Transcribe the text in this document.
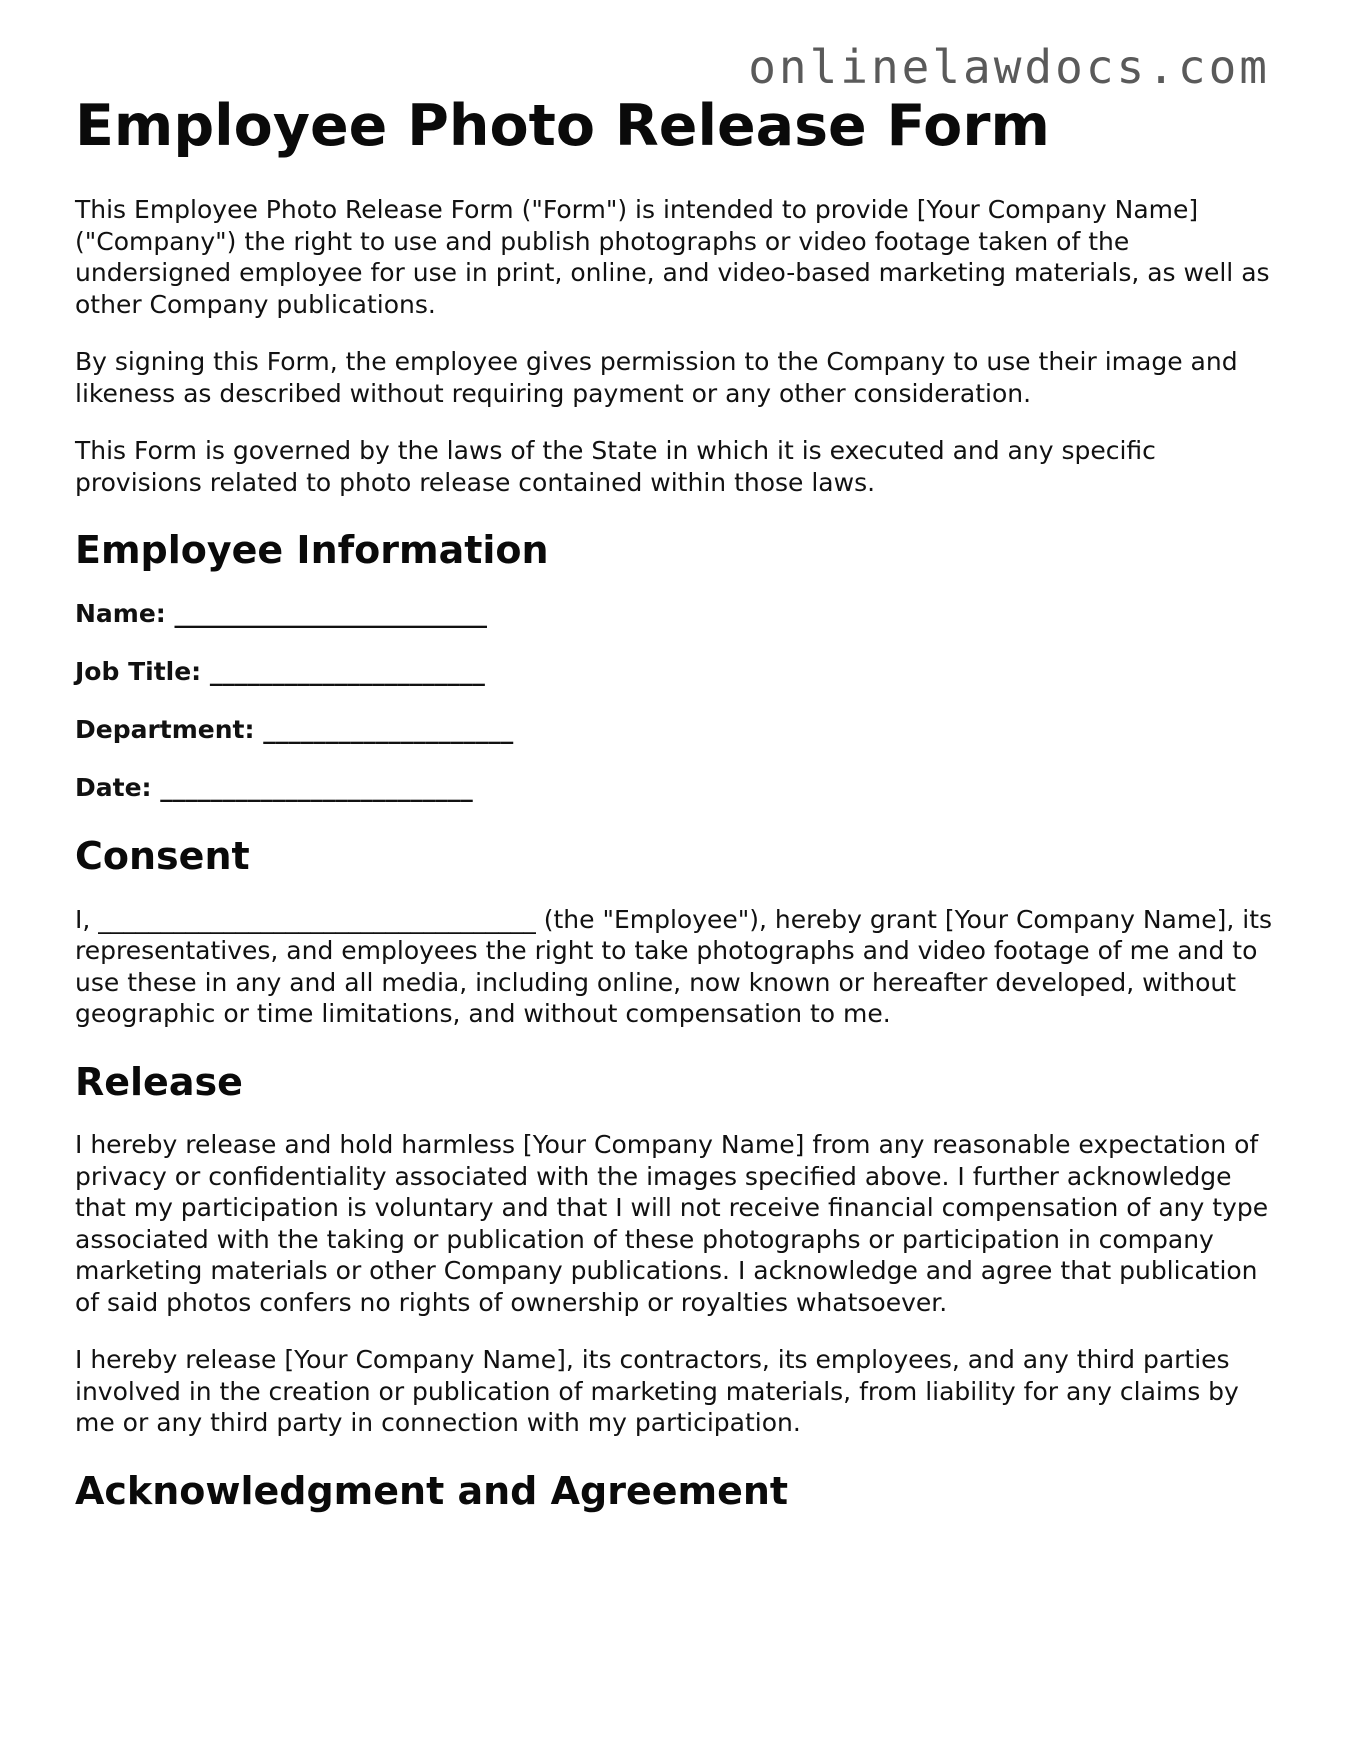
onlinelawdocs.com
Employee Photo Release Form

This Employee Photo Release Form ("Form") is intended to provide [Your Company Name] ("Company") the right to use and publish photographs or video footage taken of the undersigned employee for use in print, online, and video-based marketing materials, as well as other Company publications.

By signing this Form, the employee gives permission to the Company to use their image and likeness as described without requiring payment or any other consideration.

This Form is governed by the laws of the State in which it is executed and any specific provisions related to photo release contained within those laws.

Employee Information
Name: _________________________
Job Title: ______________________
Department: ____________________
Date: _________________________
Consent

I, ___________________________________ (the "Employee"), hereby grant [Your Company Name], its representatives, and employees the right to take photographs and video footage of me and to use these in any and all media, including online, now known or hereafter developed, without geographic or time limitations, and without compensation to me.

Release

I hereby release and hold harmless [Your Company Name] from any reasonable expectation of privacy or confidentiality associated with the images specified above. I further acknowledge that my participation is voluntary and that I will not receive financial compensation of any type associated with the taking or publication of these photographs or participation in company marketing materials or other Company publications. I acknowledge and agree that publication of said photos confers no rights of ownership or royalties whatsoever.

I hereby release [Your Company Name], its contractors, its employees, and any third parties involved in the creation or publication of marketing materials, from liability for any claims by me or any third party in connection with my participation.

Acknowledgment and Agreement
